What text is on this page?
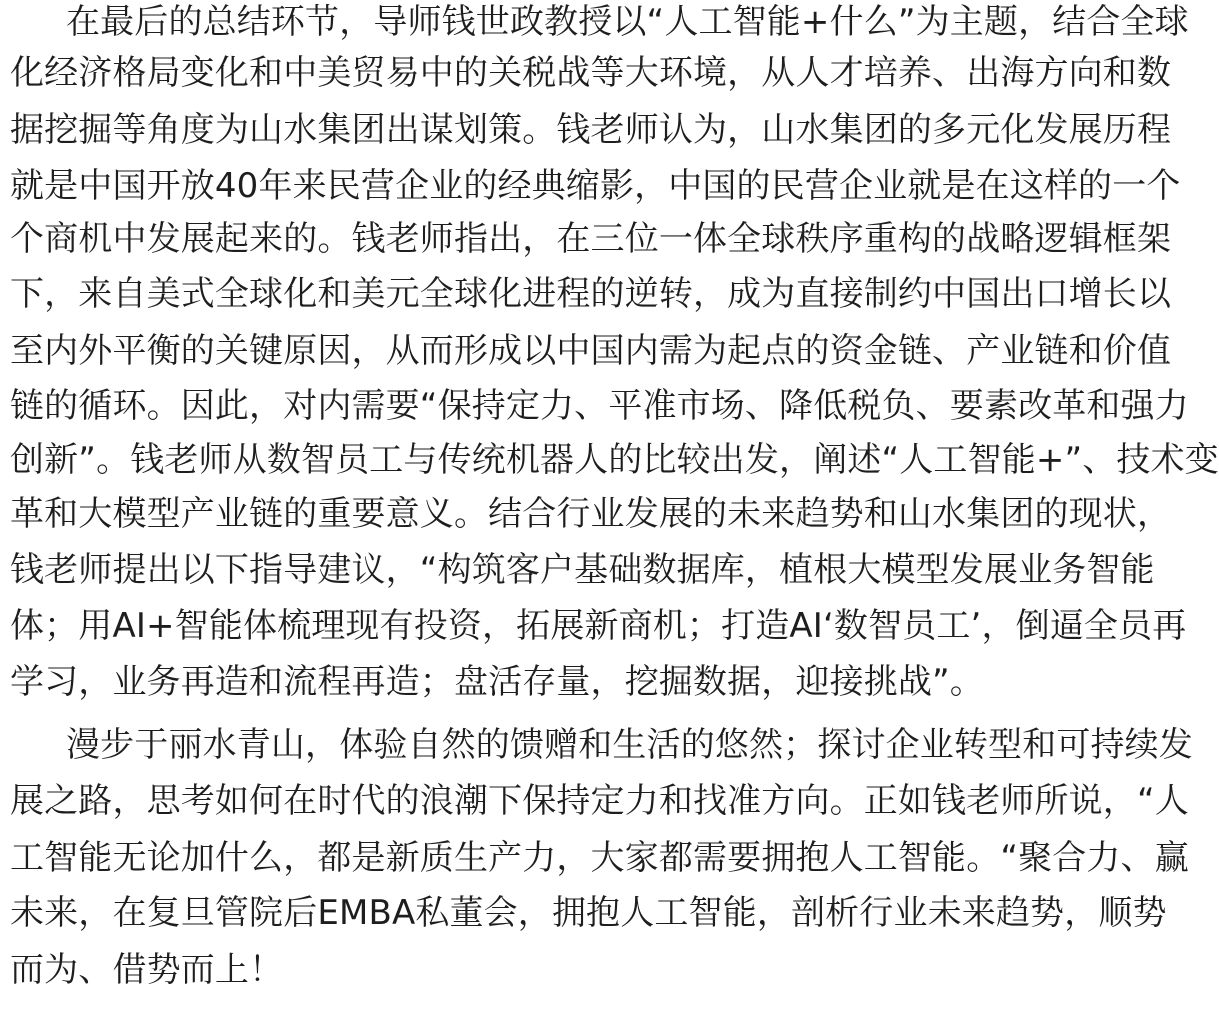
在最后的总结环节，导师钱世政教授以“人工智能+什么”为主题，结合全球
化经济格局变化和中美贸易中的关税战等大环境，从人才培养、出海方向和数
据挖掘等角度为山水集团出谋划策。钱老师认为，山水集团的多元化发展历程
就是中国开放40年来民营企业的经典缩影，中国的民营企业就是在这样的一个
个商机中发展起来的。钱老师指出，在三位一体全球秩序重构的战略逻辑框架
下，来自美式全球化和美元全球化进程的逆转，成为直接制约中国出口增长以
至内外平衡的关键原因，从而形成以中国内需为起点的资金链、产业链和价值
链的循环。因此，对内需要“保持定力、平准市场、降低税负、要素改革和强力
创新”。钱老师从数智员工与传统机器人的比较出发，阐述“人工智能+”、技术变
革和大模型产业链的重要意义。结合行业发展的未来趋势和山水集团的现状，
钱老师提出以下指导建议，“构筑客户基础数据库，植根大模型发展业务智能
体；用AI+智能体梳理现有投资，拓展新商机；打造AI‘数智员工’，倒逼全员再
学习，业务再造和流程再造；盘活存量，挖掘数据，迎接挑战”。
漫步于丽水青山，体验自然的馈赠和生活的悠然；探讨企业转型和可持续发
展之路，思考如何在时代的浪潮下保持定力和找准方向。正如钱老师所说，“人
工智能无论加什么，都是新质生产力，大家都需要拥抱人工智能。“聚合力、赢
未来，在复旦管院后EMBA私董会，拥抱人工智能，剖析行业未来趋势，顺势
而为、借势而上！
